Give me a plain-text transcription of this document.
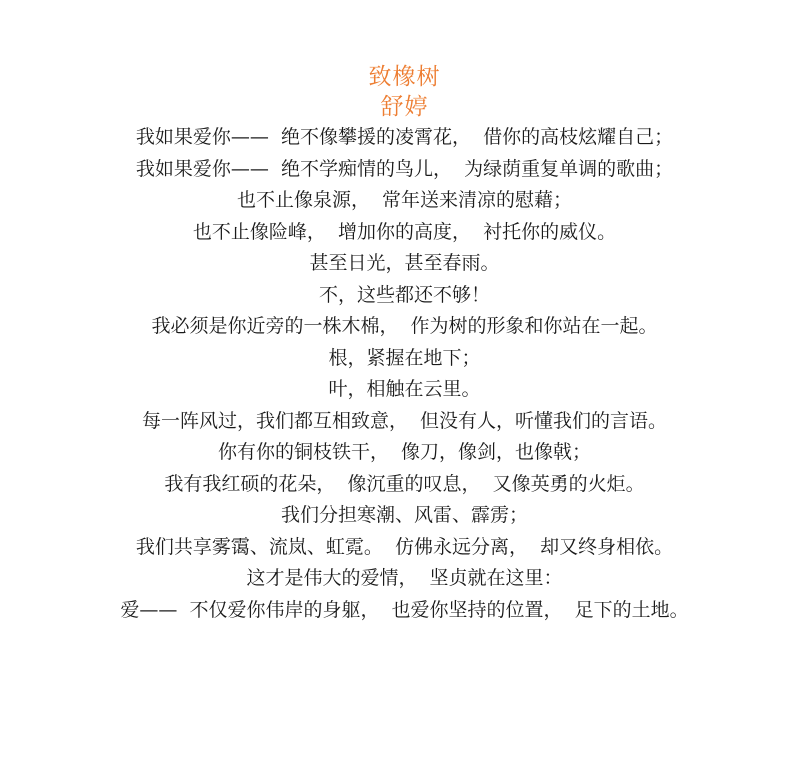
致橡树
舒婷
我如果爱你——  绝不像攀援的凌霄花，  借你的高枝炫耀自己；
我如果爱你——  绝不学痴情的鸟儿，  为绿荫重复单调的歌曲；
也不止像泉源，  常年送来清凉的慰藉；
也不止像险峰，  增加你的高度，  衬托你的威仪。
甚至日光，甚至春雨。
不，这些都还不够！
我必须是你近旁的一株木棉，  作为树的形象和你站在一起。
根，紧握在地下；
叶，相触在云里。
每一阵风过，我们都互相致意，  但没有人，听懂我们的言语。
你有你的铜枝铁干，  像刀，像剑，也像戟；
我有我红硕的花朵，  像沉重的叹息，  又像英勇的火炬。
我们分担寒潮、风雷、霹雳；
我们共享雾霭、流岚、虹霓。  仿佛永远分离，  却又终身相依。
这才是伟大的爱情，  坚贞就在这里：
爱——  不仅爱你伟岸的身躯，  也爱你坚持的位置，  足下的土地。
